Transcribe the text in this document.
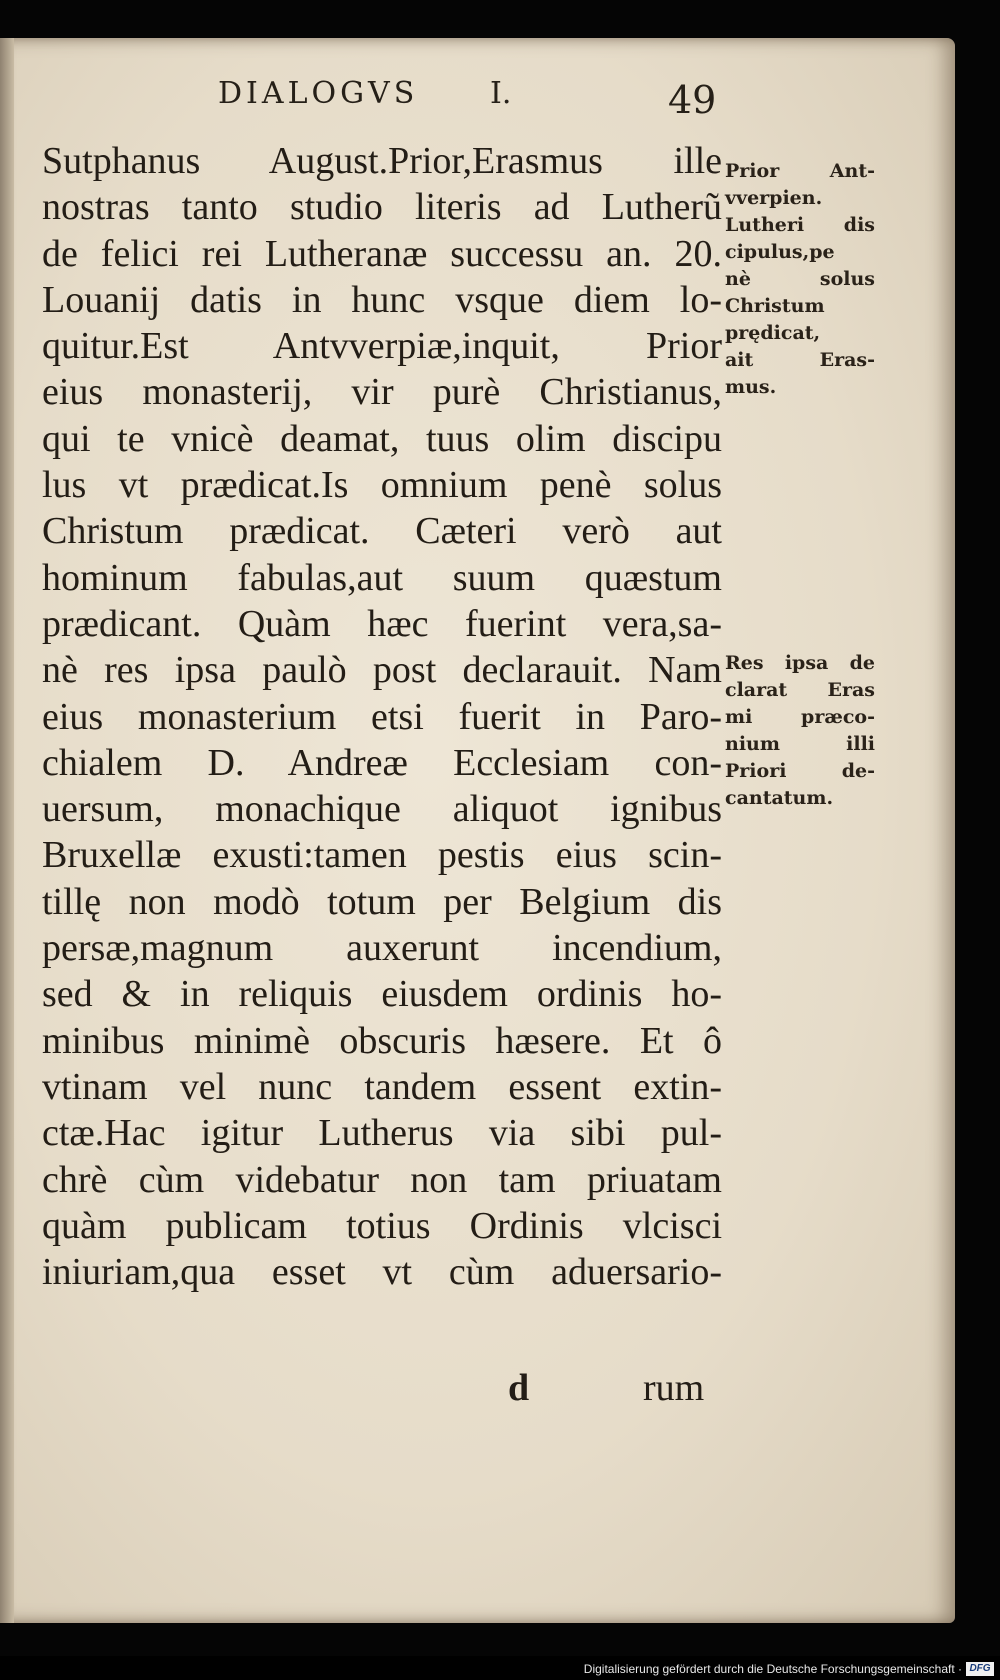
DIALOGVS I.	49
Sutphanus August.Prior,Erasmus ille
nostras tanto studio literis ad Lutherũ
de felici rei Lutheranæ successu an. 20.
Louanij datis in hunc vsque diem lo-
quitur.Est Antvverpiæ,inquit, Prior
eius monasterij, vir purè Christianus,
qui te vnicè deamat, tuus olim discipu
lus vt prædicat.Is omnium penè solus
Christum prædicat. Cæteri verò aut
hominum fabulas,aut suum quæstum
prædicant. Quàm hæc fuerint vera,sa-
nè res ipsa paulò post declarauit. Nam
eius monasterium etsi fuerit in Paro-
chialem D. Andreæ Ecclesiam con-
uersum, monachique aliquot ignibus
Bruxellæ exusti:tamen pestis eius scin-
tillę non modò totum per Belgium dis
persæ,magnum auxerunt incendium,
sed & in reliquis eiusdem ordinis ho-
minibus minimè obscuris hæsere. Et ô
vtinam vel nunc tandem essent extin-
ctæ.Hac igitur Lutherus via sibi pul-
chrè cùm videbatur non tam priuatam
quàm publicam totius Ordinis vlcisci
iniuriam,qua esset vt cùm aduersario-
Prior Ant-
vverpien.
Lutheri dis
cipulus,pe
nè solus
Christum
prędicat,
ait Eras-
mus.
Res ipsa de
clarat Eras
mi præco-
nium illi
Priori de-
cantatum.
d	rum
Digitalisierung gefördert durch die Deutsche Forschungsgemeinschaft · DFG
